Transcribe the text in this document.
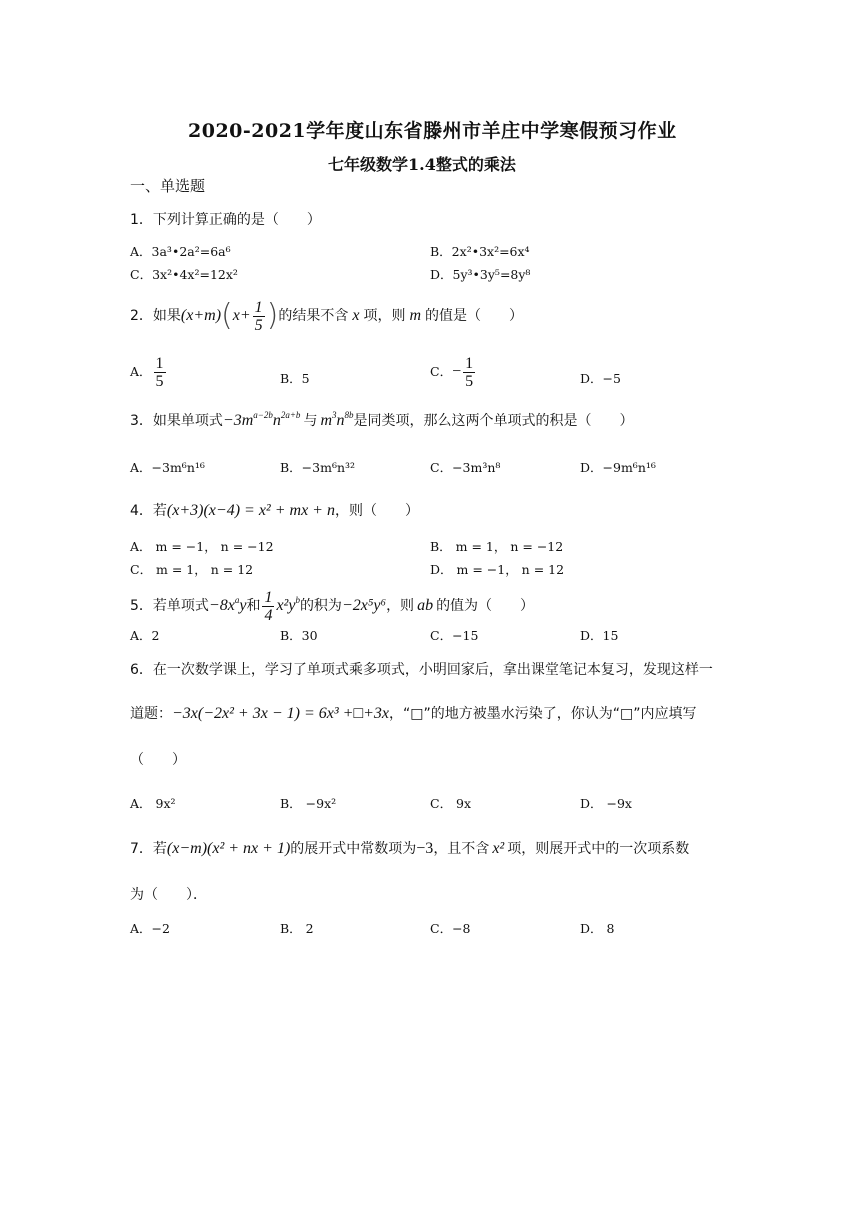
2020-2021学年度山东省滕州市羊庄中学寒假预习作业
七年级数学1.4整式的乘法
一、单选题
1．下列计算正确的是（　　）
A．3a³•2a²=6a⁶	B．2x²•3x²=6x⁴
C．3x²•4x²=12x²	D．5y³•3y⁵=8y⁸
2．如果$(x+m)(x+ \frac{1}{5}$ )的结果不含 x 项，则 m 的值是（　　）
A． $\frac{1}{5}$	B．5	C．− $\frac{1}{5}$	D．−5
3．如果单项式$-3m^{a-2b}n^{2a+b}$ 与 $m^3n^{8b}$是同类项，那么这两个单项式的积是（　　）
A．−3m⁶n¹⁶	B．−3m⁶n³²	C．−3m³n⁸	D．−9m⁶n¹⁶
4．若(x+3)(x−4) = x² + mx + n，则（　　）
A． m = −1， n = −12	B． m = 1， n = −12
C． m = 1， n = 12	D． m = −1， n = 12
5．若单项式$-8x^ay$和 $\frac{1}{4} x^2y^b$的积为−2x⁵y⁶，则 ab 的值为（　　）
A．2	B．30	C．−15	D．15
6．在一次数学课上，学习了单项式乘多项式，小明回家后，拿出课堂笔记本复习，发现这样一
道题：−3x(−2x² + 3x − 1) = 6x³ +□+3x，“□”的地方被墨水污染了，你认为“□”内应填写
（　　）
A． 9x²	B． −9x²	C． 9x	D． −9x
7．若(x−m)(x² + nx + 1)的展开式中常数项为−3，且不含 x² 项，则展开式中的一次项系数
为（　　）．
A．−2	B． 2	C．−8	D． 8
